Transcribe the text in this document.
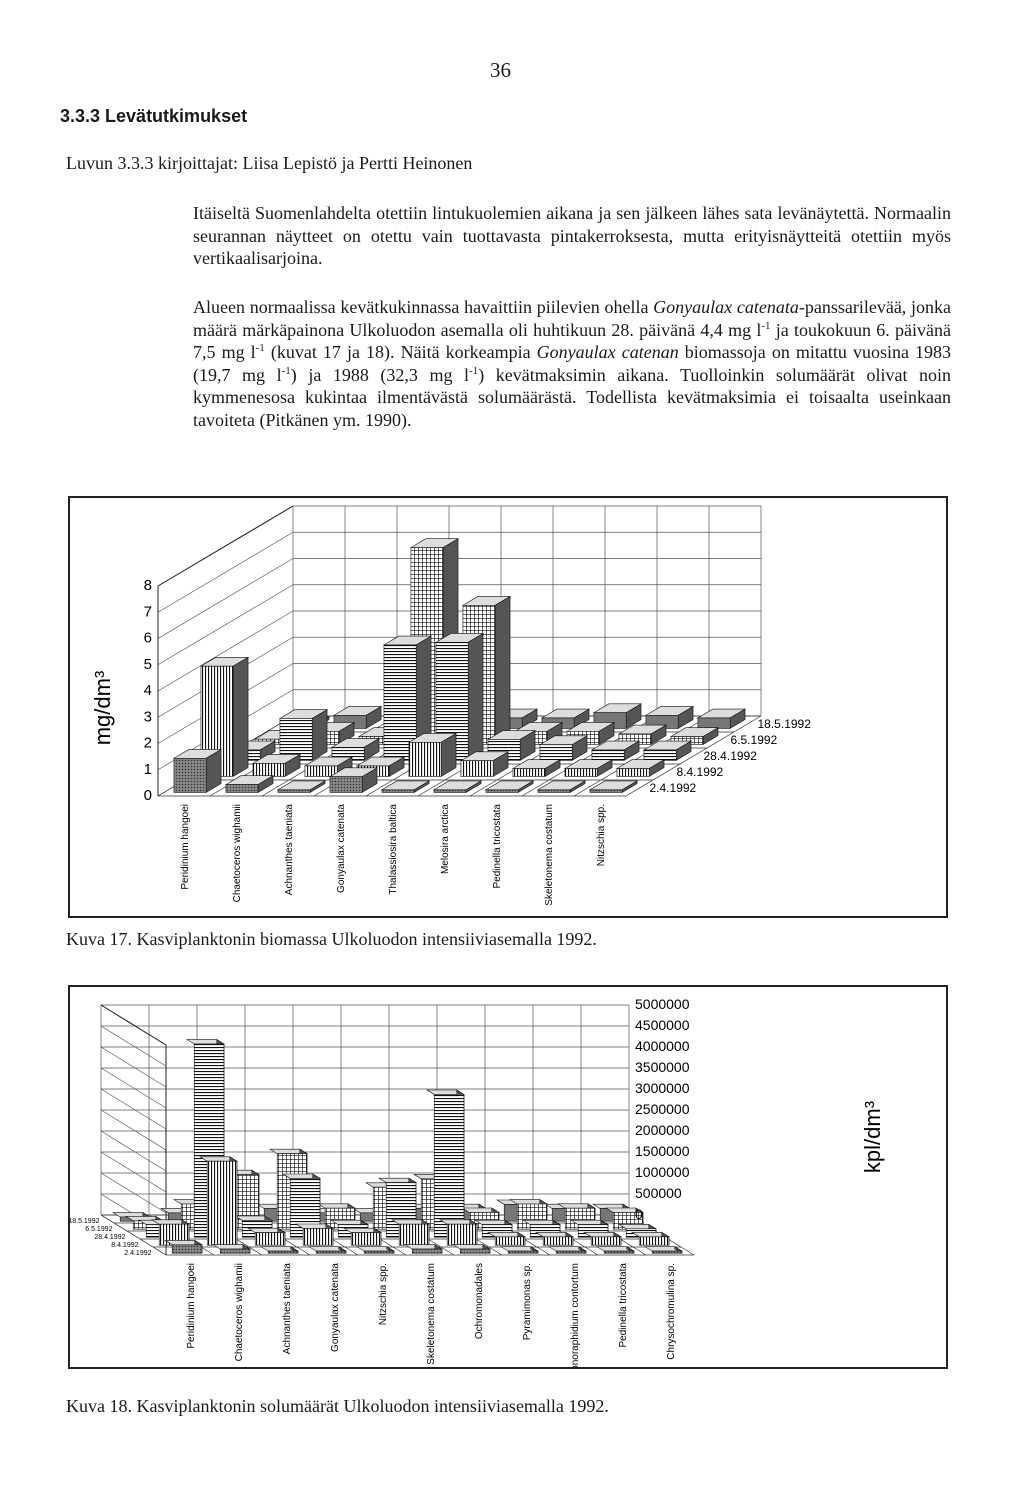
36
3.3.3 Levätutkimukset
Luvun 3.3.3 kirjoittajat: Liisa Lepistö ja Pertti Heinonen
Itäiseltä Suomenlahdelta otettiin lintukuolemien aikana ja sen jälkeen lähes sata levänäytettä. Normaalin seurannan näytteet on otettu vain tuottavasta pintakerroksesta, mutta erityisnäytteitä otettiin myös vertikaalisarjoina.
Alueen normaalissa kevätkukinnassa havaittiin piilevien ohella Gonyaulax catenata-panssarilevää, jonka määrä märkäpainona Ulkoluodon asemalla oli huhtikuun 28. päivänä 4,4 mg $l^{-1}$ ja toukokuun 6. päivänä 7,5 mg $l^{-1}$ (kuvat 17 ja 18). Näitä korkeampia Gonyaulax catenan biomassoja on mitattu vuosina 1983 (19,7 mg $l^{-1}$) ja 1988 (32,3 mg $l^{-1}$) kevätmaksimin aikana. Tuolloinkin solumäärät olivat noin kymmenesosa kukintaa ilmentävästä solumäärästä. Todellista kevätmaksimia ei toisaalta useinkaan tavoiteta (Pitkänen ym. 1990).
0
1
2
3
4
5
6
7
8
mg/dm³
Peridinium hangoei	Chaetoceros wighamii	Achnanthes taeniata	Gonyaulax catenata	Thalassiosira baltica	Melosira arctica	Pedinella tricostata	Skeletonema costatum	Nitzschia spp.
18.5.1992
6.5.1992
28.4.1992
8.4.1992
2.4.1992
Kuva 17. Kasviplanktonin biomassa Ulkoluodon intensiiviasemalla 1992.
0
500000
1000000
1500000
2000000
2500000
3000000
3500000
4000000
4500000
5000000
kpl/dm³
Peridinium hangoei	Chaetoceros wighamii	Achnanthes taeniata	Gonyaulax catenata	Nitzschia spp.	Skeletonema costatum	Ochromonadales	Pyramimonas sp.	Monoraphidium contortum	Pedinella tricostata	Chrysochromulina sp.
18.5.1992
6.5.1992
28.4.1992
8.4.1992
2.4.1992
Kuva 18. Kasviplanktonin solumäärät Ulkoluodon intensiiviasemalla 1992.
